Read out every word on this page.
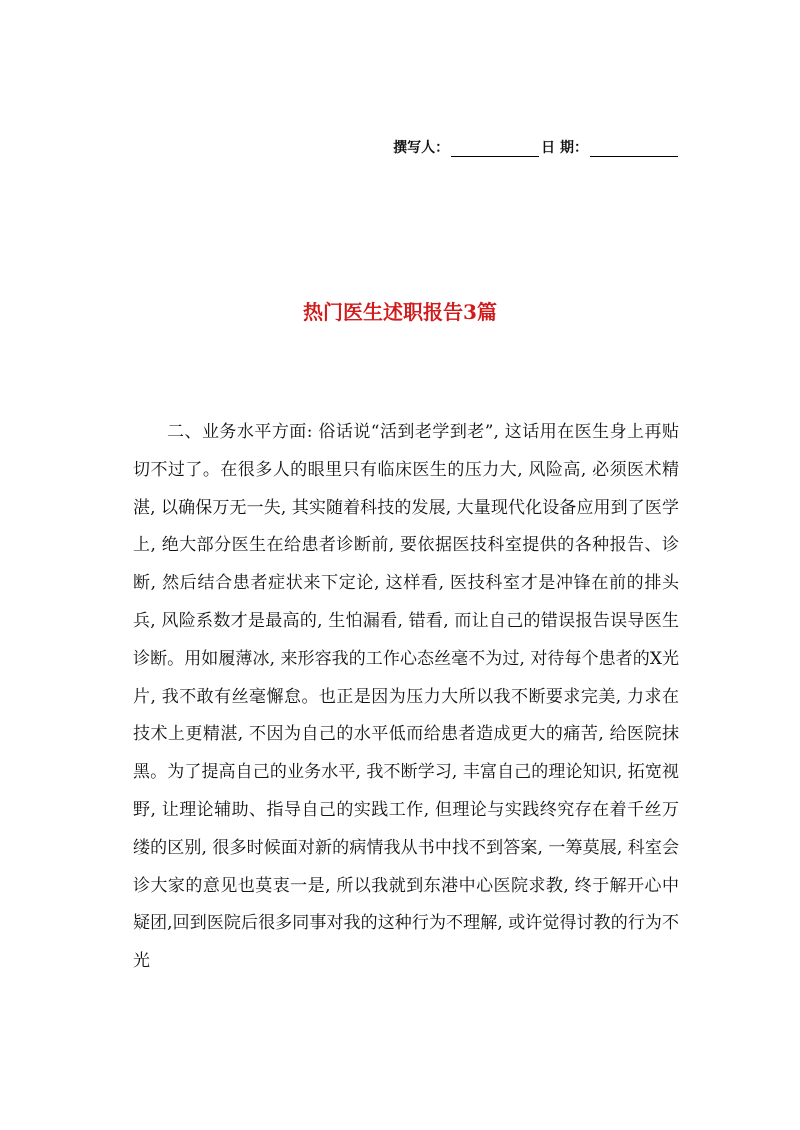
撰写人：	日 期：
热门医生述职报告3篇

二、业务水平方面: 俗话说“活到老学到老”, 这话用在医生身上再贴切不过了。在很多人的眼里只有临床医生的压力大, 风险高, 必须医术精湛, 以确保万无一失, 其实随着科技的发展, 大量现代化设备应用到了医学上, 绝大部分医生在给患者诊断前, 要依据医技科室提供的各种报告、诊断, 然后结合患者症状来下定论, 这样看, 医技科室才是冲锋在前的排头兵, 风险系数才是最高的, 生怕漏看, 错看, 而让自己的错误报告误导医生诊断。用如履薄冰, 来形容我的工作心态丝毫不为过, 对待每个患者的X光片, 我不敢有丝毫懈怠。也正是因为压力大所以我不断要求完美, 力求在技术上更精湛, 不因为自己的水平低而给患者造成更大的痛苦, 给医院抹黑。为了提高自己的业务水平, 我不断学习, 丰富自己的理论知识, 拓宽视野, 让理论辅助、指导自己的实践工作, 但理论与实践终究存在着千丝万缕的区别, 很多时候面对新的病情我从书中找不到答案, 一筹莫展, 科室会诊大家的意见也莫衷一是, 所以我就到东港中心医院求教, 终于解开心中疑团,回到医院后很多同事对我的这种行为不理解, 或许觉得讨教的行为不光
